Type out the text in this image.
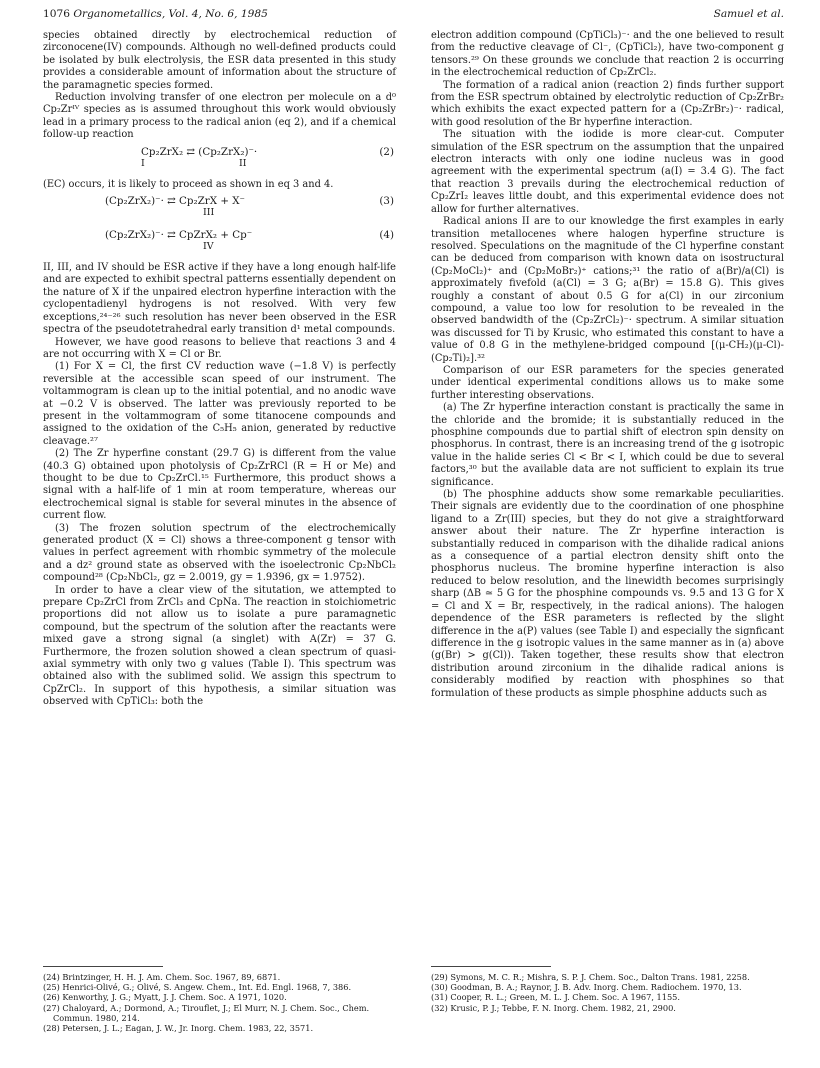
1076 Organometallics, Vol. 4, No. 6, 1985	Samuel et al.

species obtained directly by electrochemical reduction of zirconocene(IV) compounds. Although no well-defined products could be isolated by bulk electrolysis, the ESR data presented in this study provides a considerable amount of information about the structure of the paramagnetic species formed.

Reduction involving transfer of one electron per molecule on a d⁰ Cp₂Zrᴵⱽ species as is assumed throughout this work would obviously lead in a primary process to the radical anion (eq 2), and if a chemical follow-up reaction

Cp₂ZrX₂ ⇄ (Cp₂ZrX₂)⁻·	(2)
I	II

(EC) occurs, it is likely to proceed as shown in eq 3 and 4.

(Cp₂ZrX₂)⁻· ⇄ Cp₂ZrX + X⁻	(3)
III
(Cp₂ZrX₂)⁻· ⇄ CpZrX₂ + Cp⁻	(4)
IV

II, III, and IV should be ESR active if they have a long enough half-life and are expected to exhibit spectral patterns essentially dependent on the nature of X if the unpaired electron hyperfine interaction with the cyclopentadienyl hydrogens is not resolved. With very few exceptions,²⁴⁻²⁶ such resolution has never been observed in the ESR spectra of the pseudotetrahedral early transition d¹ metal compounds.

However, we have good reasons to believe that reactions 3 and 4 are not occurring with X = Cl or Br.

(1) For X = Cl, the first CV reduction wave (−1.8 V) is perfectly reversible at the accessible scan speed of our instrument. The voltammogram is clean up to the initial potential, and no anodic wave at −0.2 V is observed. The latter was previously reported to be present in the voltammogram of some titanocene compounds and assigned to the oxidation of the C₅H₅ anion, generated by reductive cleavage.²⁷

(2) The Zr hyperfine constant (29.7 G) is different from the value (40.3 G) obtained upon photolysis of Cp₂ZrRCl (R = H or Me) and thought to be due to Cp₂ZrCl.¹⁵ Furthermore, this product shows a signal with a half-life of 1 min at room temperature, whereas our electrochemical signal is stable for several minutes in the absence of current flow.

(3) The frozen solution spectrum of the electrochemically generated product (X = Cl) shows a three-component g tensor with values in perfect agreement with rhombic symmetry of the molecule and a dz² ground state as observed with the isoelectronic Cp₂NbCl₂ compound²⁸ (Cp₂NbCl₂, gz = 2.0019, gy = 1.9396, gx = 1.9752).

In order to have a clear view of the situtation, we attempted to prepare Cp₂ZrCl from ZrCl₃ and CpNa. The reaction in stoichiometric proportions did not allow us to isolate a pure paramagnetic compound, but the spectrum of the solution after the reactants were mixed gave a strong signal (a singlet) with A(Zr) = 37 G. Furthermore, the frozen solution showed a clean spectrum of quasi-axial symmetry with only two g values (Table I). This spectrum was obtained also with the sublimed solid. We assign this spectrum to CpZrCl₂. In support of this hypothesis, a similar situation was observed with CpTiCl₃: both the

electron addition compound (CpTiCl₃)⁻· and the one believed to result from the reductive cleavage of Cl⁻, (CpTiCl₂), have two-component g tensors.²⁹ On these grounds we conclude that reaction 2 is occurring in the electrochemical reduction of Cp₂ZrCl₂.

The formation of a radical anion (reaction 2) finds further support from the ESR spectrum obtained by electrolytic reduction of Cp₂ZrBr₂ which exhibits the exact expected pattern for a (Cp₂ZrBr₂)⁻· radical, with good resolution of the Br hyperfine interaction.

The situation with the iodide is more clear-cut. Computer simulation of the ESR spectrum on the assumption that the unpaired electron interacts with only one iodine nucleus was in good agreement with the experimental spectrum (a(I) = 3.4 G). The fact that reaction 3 prevails during the electrochemical reduction of Cp₂ZrI₂ leaves little doubt, and this experimental evidence does not allow for further alternatives.

Radical anions II are to our knowledge the first examples in early transition metallocenes where halogen hyperfine structure is resolved. Speculations on the magnitude of the Cl hyperfine constant can be deduced from comparison with known data on isostructural (Cp₂MoCl₂)⁺ and (Cp₂MoBr₂)⁺ cations;³¹ the ratio of a(Br)/a(Cl) is approximately fivefold (a(Cl) = 3 G; a(Br) = 15.8 G). This gives roughly a constant of about 0.5 G for a(Cl) in our zirconium compound, a value too low for resolution to be revealed in the observed bandwidth of the (Cp₂ZrCl₂)⁻· spectrum. A similar situation was discussed for Ti by Krusic, who estimated this constant to have a value of 0.8 G in the methylene-bridged compound [(μ-CH₂)(μ-Cl)-(Cp₂Ti)₂].³²

Comparison of our ESR parameters for the species generated under identical experimental conditions allows us to make some further interesting observations.

(a) The Zr hyperfine interaction constant is practically the same in the chloride and the bromide; it is substantially reduced in the phosphine compounds due to partial shift of electron spin density on phosphorus. In contrast, there is an increasing trend of the g isotropic value in the halide series Cl < Br < I, which could be due to several factors,³⁰ but the available data are not sufficient to explain its true significance.

(b) The phosphine adducts show some remarkable peculiarities. Their signals are evidently due to the coordination of one phosphine ligand to a Zr(III) species, but they do not give a straightforward answer about their nature. The Zr hyperfine interaction is substantially reduced in comparison with the dihalide radical anions as a consequence of a partial electron density shift onto the phosphorus nucleus. The bromine hyperfine interaction is also reduced to below resolution, and the linewidth becomes surprisingly sharp (ΔB ≃ 5 G for the phosphine compounds vs. 9.5 and 13 G for X = Cl and X = Br, respectively, in the radical anions). The halogen dependence of the ESR parameters is reflected by the slight difference in the a(P) values (see Table I) and especially the signficant difference in the g isotropic values in the same manner as in (a) above (g(Br) > g(Cl)). Taken together, these results show that electron distribution around zirconium in the dihalide radical anions is considerably modified by reaction with phosphines so that formulation of these products as simple phosphine adducts such as

(24) Brintzinger, H. H. J. Am. Chem. Soc. 1967, 89, 6871.
(25) Henrici-Olivé, G.; Olivé, S. Angew. Chem., Int. Ed. Engl. 1968, 7, 386.
(26) Kenworthy, J. G.; Myatt, J. J. Chem. Soc. A 1971, 1020.
(27) Chaloyard, A.; Dormond, A.; Tirouflet, J.; El Murr, N. J. Chem. Soc., Chem. Commun. 1980, 214.
(28) Petersen, J. L.; Eagan, J. W., Jr. Inorg. Chem. 1983, 22, 3571.
(29) Symons, M. C. R.; Mishra, S. P. J. Chem. Soc., Dalton Trans. 1981, 2258.
(30) Goodman, B. A.; Raynor, J. B. Adv. Inorg. Chem. Radiochem. 1970, 13.
(31) Cooper, R. L.; Green, M. L. J. Chem. Soc. A 1967, 1155.
(32) Krusic, P. J.; Tebbe, F. N. Inorg. Chem. 1982, 21, 2900.
